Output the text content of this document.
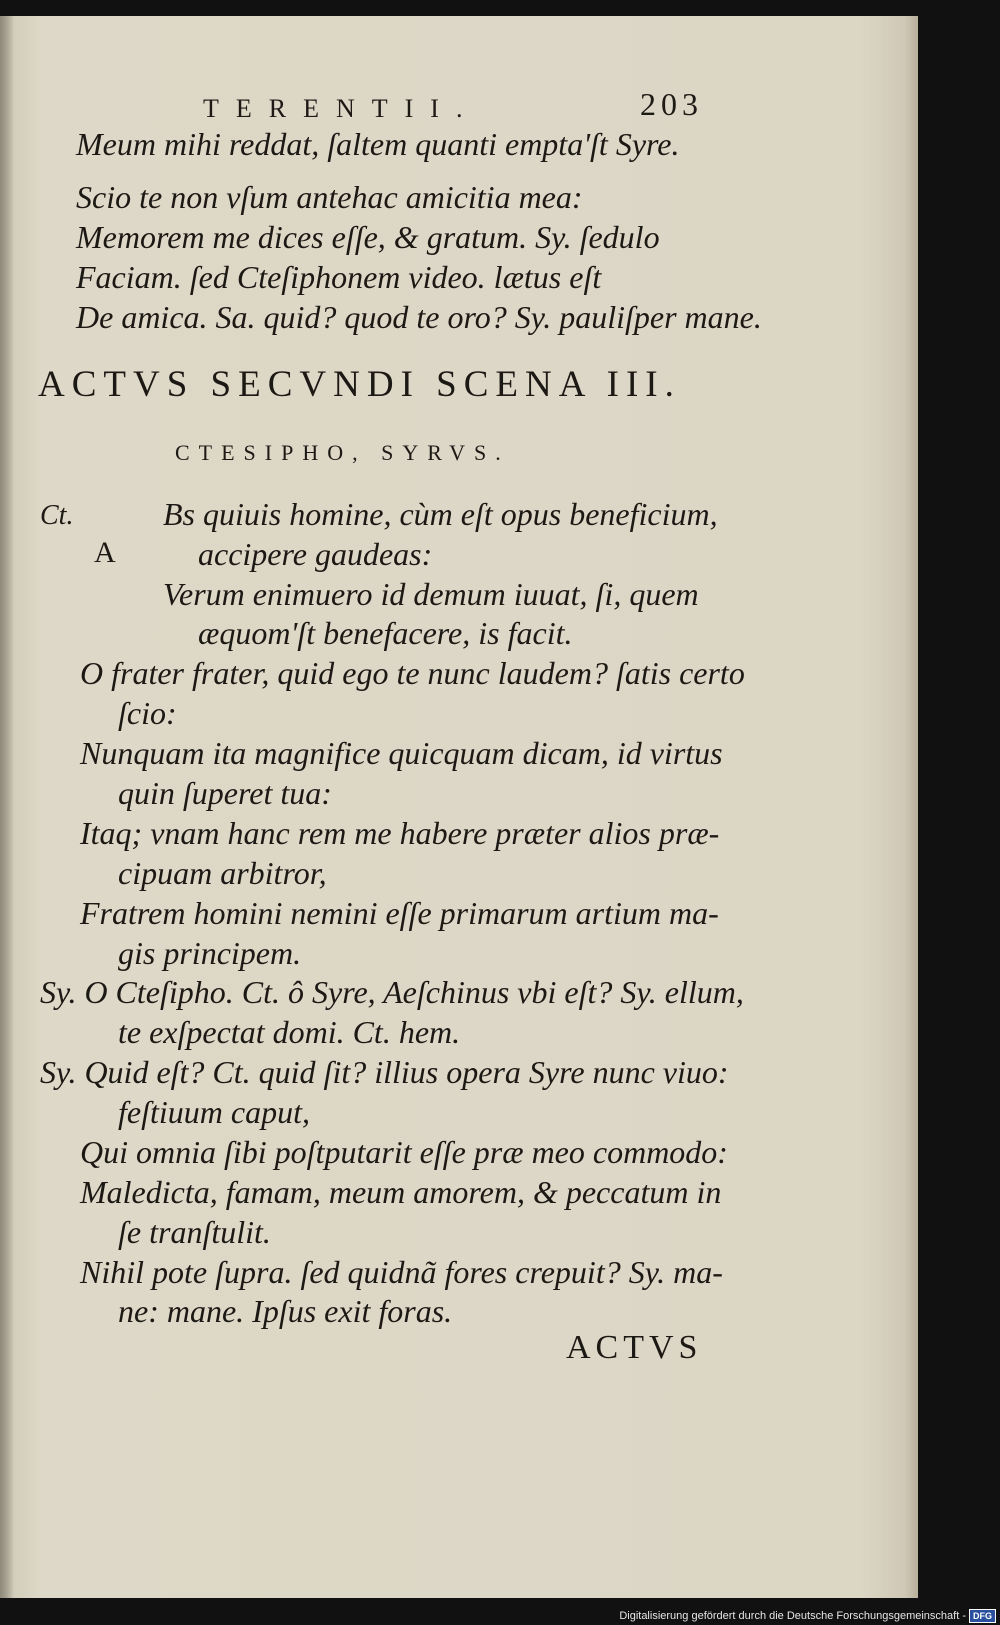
TERENTII.	203

Meum mihi reddat, ſaltem quanti empta'ſt Syre.

Scio te non vſum antehac amicitia mea:

Memorem me dices eſſe, & gratum. Sy. ſedulo

Faciam. ſed Cteſiphonem video. lætus eſt

De amica. Sa. quid? quod te oro? Sy. pauliſper mane.

ACTVS SECVNDI SCENA III.

CTESIPHO, SYRVS.

Ct.
A

Bs quiuis homine, cùm eſt opus beneficium,

accipere gaudeas:

Verum enimuero id demum iuuat, ſi, quem

æquom'ſt benefacere, is facit.

O frater frater, quid ego te nunc laudem? ſatis certo

ſcio:

Nunquam ita magnifice quicquam dicam, id virtus

quin ſuperet tua:

Itaq; vnam hanc rem me habere præter alios præ-

cipuam arbitror,

Fratrem homini nemini eſſe primarum artium ma-

gis principem.

Sy. O Cteſipho. Ct. ô Syre, Aeſchinus vbi eſt? Sy. ellum,

te exſpectat domi. Ct. hem.

Sy. Quid eſt? Ct. quid ſit? illius opera Syre nunc viuo:

feſtiuum caput,

Qui omnia ſibi poſtputarit eſſe præ meo commodo:

Maledicta, famam, meum amorem, & peccatum in

ſe tranſtulit.

Nihil pote ſupra. ſed quidnã fores crepuit? Sy. ma-

ne: mane. Ipſus exit foras.

ACTVS
Digitalisierung gefördert durch die Deutsche Forschungsgemeinschaft - DFG
